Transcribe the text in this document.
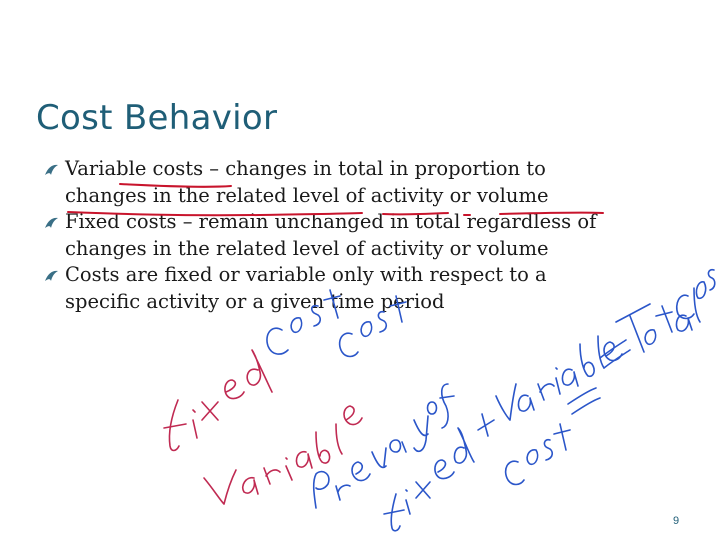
Cost Behavior
Variable costs – changes in total in proportion to
changes in the related level of activity or volume
Fixed costs – remain unchanged in total regardless of
changes in the related level of activity or volume
Costs are fixed or variable only with respect to a
specific activity or a given time period
9
